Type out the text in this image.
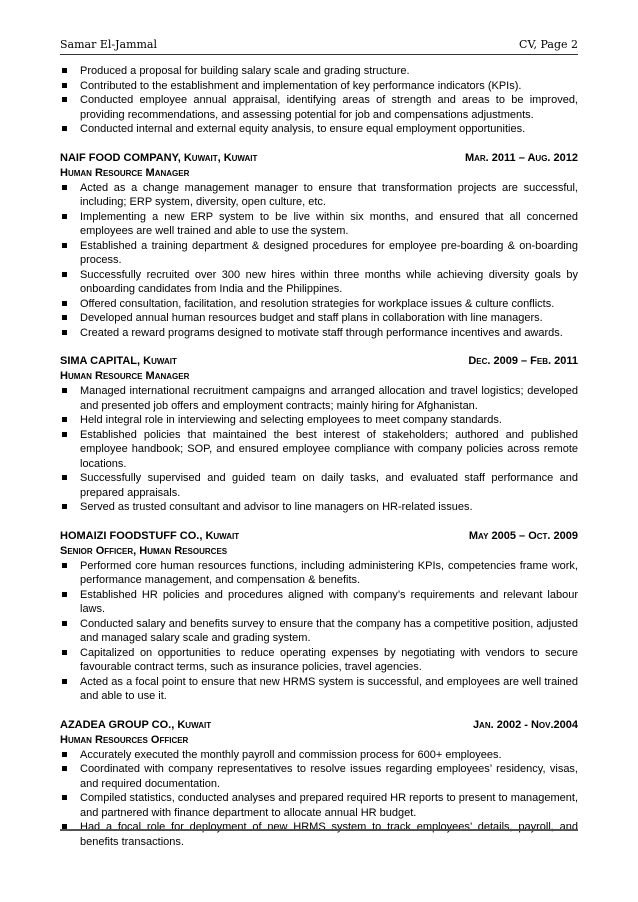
Samar El-Jammal	CV, Page 2
Produced a proposal for building salary scale and grading structure.
Contributed to the establishment and implementation of key performance indicators (KPIs).
Conducted employee annual appraisal, identifying areas of strength and areas to be improved, providing recommendations, and assessing potential for job and compensations adjustments.
Conducted internal and external equity analysis, to ensure equal employment opportunities.
NAIF FOOD COMPANY, Kuwait, Kuwait	Mar. 2011 – Aug. 2012
Human Resource Manager
Acted as a change management manager to ensure that transformation projects are successful, including; ERP system, diversity, open culture, etc.
Implementing a new ERP system to be live within six months, and ensured that all concerned employees are well trained and able to use the system.
Established a training department & designed procedures for employee pre-boarding & on-boarding process.
Successfully recruited over 300 new hires within three months while achieving diversity goals by onboarding candidates from India and the Philippines.
Offered consultation, facilitation, and resolution strategies for workplace issues & culture conflicts.
Developed annual human resources budget and staff plans in collaboration with line managers.
Created a reward programs designed to motivate staff through performance incentives and awards.
SIMA CAPITAL, Kuwait	Dec. 2009 – Feb. 2011
Human Resource Manager
Managed international recruitment campaigns and arranged allocation and travel logistics; developed and presented job offers and employment contracts; mainly hiring for Afghanistan.
Held integral role in interviewing and selecting employees to meet company standards.
Established policies that maintained the best interest of stakeholders; authored and published employee handbook; SOP, and ensured employee compliance with company policies across remote locations.
Successfully supervised and guided team on daily tasks, and evaluated staff performance and prepared appraisals.
Served as trusted consultant and advisor to line managers on HR-related issues.
HOMAIZI FOODSTUFF CO., Kuwait	May 2005 – Oct. 2009
Senior Officer, Human Resources
Performed core human resources functions, including administering KPIs, competencies frame work, performance management, and compensation & benefits.
Established HR policies and procedures aligned with company’s requirements and relevant labour laws.
Conducted salary and benefits survey to ensure that the company has a competitive position, adjusted and managed salary scale and grading system.
Capitalized on opportunities to reduce operating expenses by negotiating with vendors to secure favourable contract terms, such as insurance policies, travel agencies.
Acted as a focal point to ensure that new HRMS system is successful, and employees are well trained and able to use it.
AZADEA GROUP CO., Kuwait	Jan. 2002 - Nov.2004
Human Resources Officer
Accurately executed the monthly payroll and commission process for 600+ employees.
Coordinated with company representatives to resolve issues regarding employees’ residency, visas, and required documentation.
Compiled statistics, conducted analyses and prepared required HR reports to present to management, and partnered with finance department to allocate annual HR budget.
Had a focal role for deployment of new HRMS system to track employees’ details, payroll, and benefits transactions.
